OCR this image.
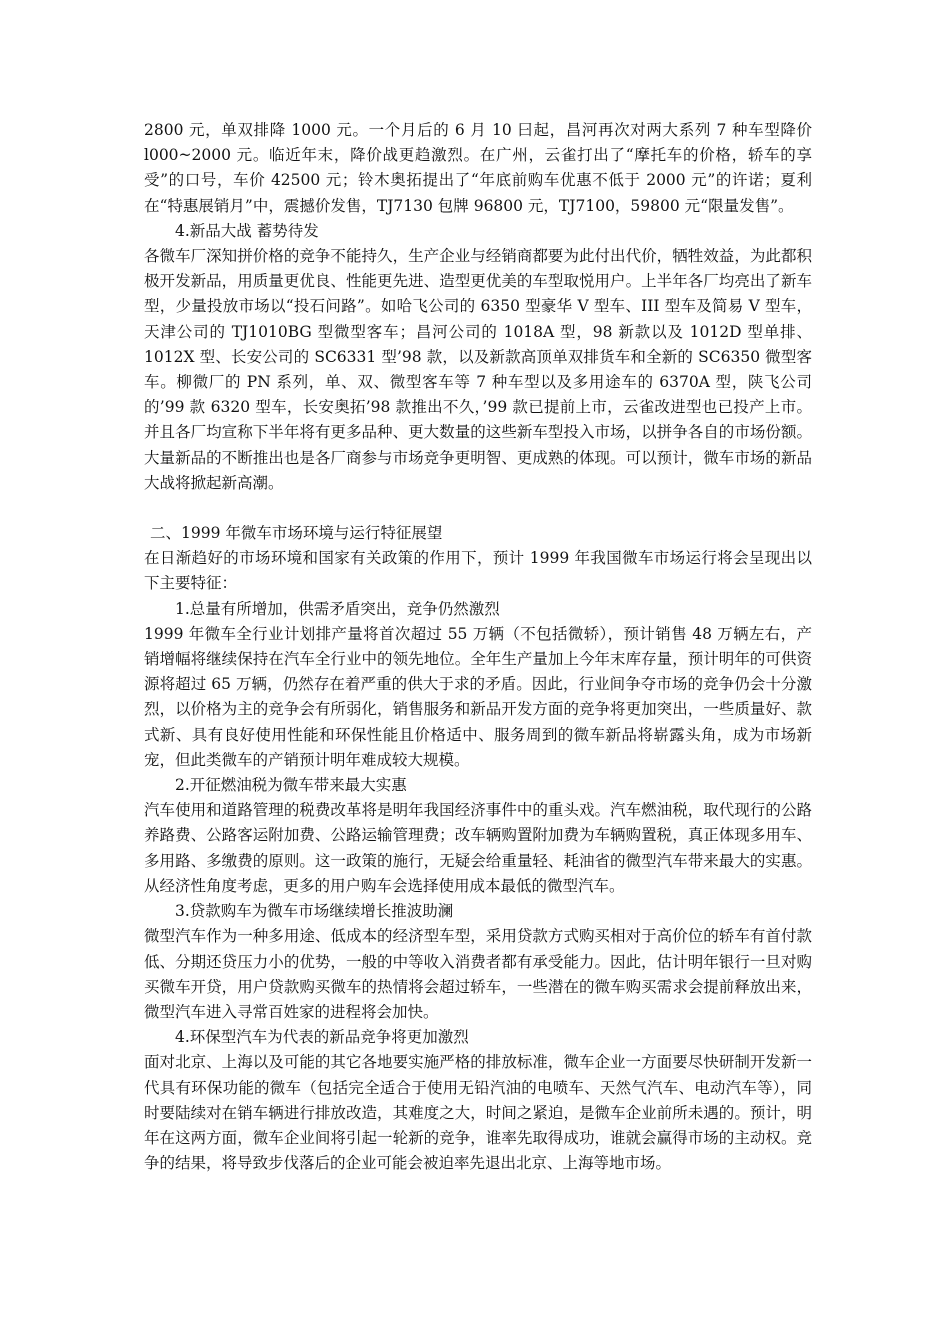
2800 元，单双排降 1000 元。一个月后的 6 月 10 曰起，昌河再次对两大系列 7 种车型降价 l000~2000 元。临近年末，降价战更趋激烈。在广州，云雀打出了“摩托车的价格，轿车的享受”的口号，车价 42500 元；铃木奥拓提出了“年底前购车优惠不低于 2000 元”的许诺；夏利在“特惠展销月”中，震撼价发售，TJ7130 包牌 96800 元，TJ7100，59800 元“限量发售”。

4.新品大战 蓄势待发

各微车厂深知拼价格的竞争不能持久，生产企业与经销商都要为此付出代价，牺牲效益，为此都积极开发新品，用质量更优良、性能更先进、造型更优美的车型取悦用户。上半年各厂均亮出了新车型，少量投放市场以“投石问路”。如哈飞公司的 6350 型豪华 V 型车、III 型车及简易 V 型车，天津公司的 TJ1010BG 型微型客车；昌河公司的 1018A 型，98 新款以及 1012D 型单排、1012X 型、长安公司的 SC6331 型’98 款，以及新款高顶单双排货车和全新的 SC6350 微型客车。柳微厂的 PN 系列，单、双、微型客车等 7 种车型以及多用途车的 6370A 型，陕飞公司的’99 款 6320 型车，长安奥拓’98 款推出不久，’99 款已提前上市，云雀改进型也已投产上市。并且各厂均宣称下半年将有更多品种、更大数量的这些新车型投入市场，以拼争各自的市场份额。大量新品的不断推出也是各厂商参与市场竞争更明智、更成熟的体现。可以预计，微车市场的新品大战将掀起新高潮。

二、1999 年微车市场环境与运行特征展望

在日渐趋好的市场环境和国家有关政策的作用下，预计 1999 年我国微车市场运行将会呈现出以下主要特征：

1.总量有所增加，供需矛盾突出，竞争仍然激烈

1999 年微车全行业计划排产量将首次超过 55 万辆（不包括微轿），预计销售 48 万辆左右，产销增幅将继续保持在汽车全行业中的领先地位。全年生产量加上今年末库存量，预计明年的可供资源将超过 65 万辆，仍然存在着严重的供大于求的矛盾。因此，行业间争夺市场的竞争仍会十分激烈，以价格为主的竞争会有所弱化，销售服务和新品开发方面的竞争将更加突出，一些质量好、款式新、具有良好使用性能和环保性能且价格适中、服务周到的微车新品将崭露头角，成为市场新宠，但此类微车的产销预计明年难成较大规模。

2.开征燃油税为微车带来最大实惠

汽车使用和道路管理的税费改革将是明年我国经济事件中的重头戏。汽车燃油税，取代现行的公路养路费、公路客运附加费、公路运输管理费；改车辆购置附加费为车辆购置税，真正体现多用车、多用路、多缴费的原则。这一政策的施行，无疑会给重量轻、耗油省的微型汽车带来最大的实惠。从经济性角度考虑，更多的用户购车会选择使用成本最低的微型汽车。

3.贷款购车为微车市场继续增长推波助澜

微型汽车作为一种多用途、低成本的经济型车型，采用贷款方式购买相对于高价位的轿车有首付款低、分期还贷压力小的优势，一般的中等收入消费者都有承受能力。因此，估计明年银行一旦对购买微车开贷，用户贷款购买微车的热情将会超过轿车，一些潜在的微车购买需求会提前释放出来，微型汽车进入寻常百姓家的进程将会加快。

4.环保型汽车为代表的新品竞争将更加激烈

面对北京、上海以及可能的其它各地要实施严格的排放标准，微车企业一方面要尽快研制开发新一代具有环保功能的微车（包括完全适合于使用无铅汽油的电喷车、天然气汽车、电动汽车等），同时要陆续对在销车辆进行排放改造，其难度之大，时间之紧迫，是微车企业前所未遇的。预计，明年在这两方面，微车企业间将引起一轮新的竞争，谁率先取得成功，谁就会赢得市场的主动权。竞争的结果，将导致步伐落后的企业可能会被迫率先退出北京、上海等地市场。
